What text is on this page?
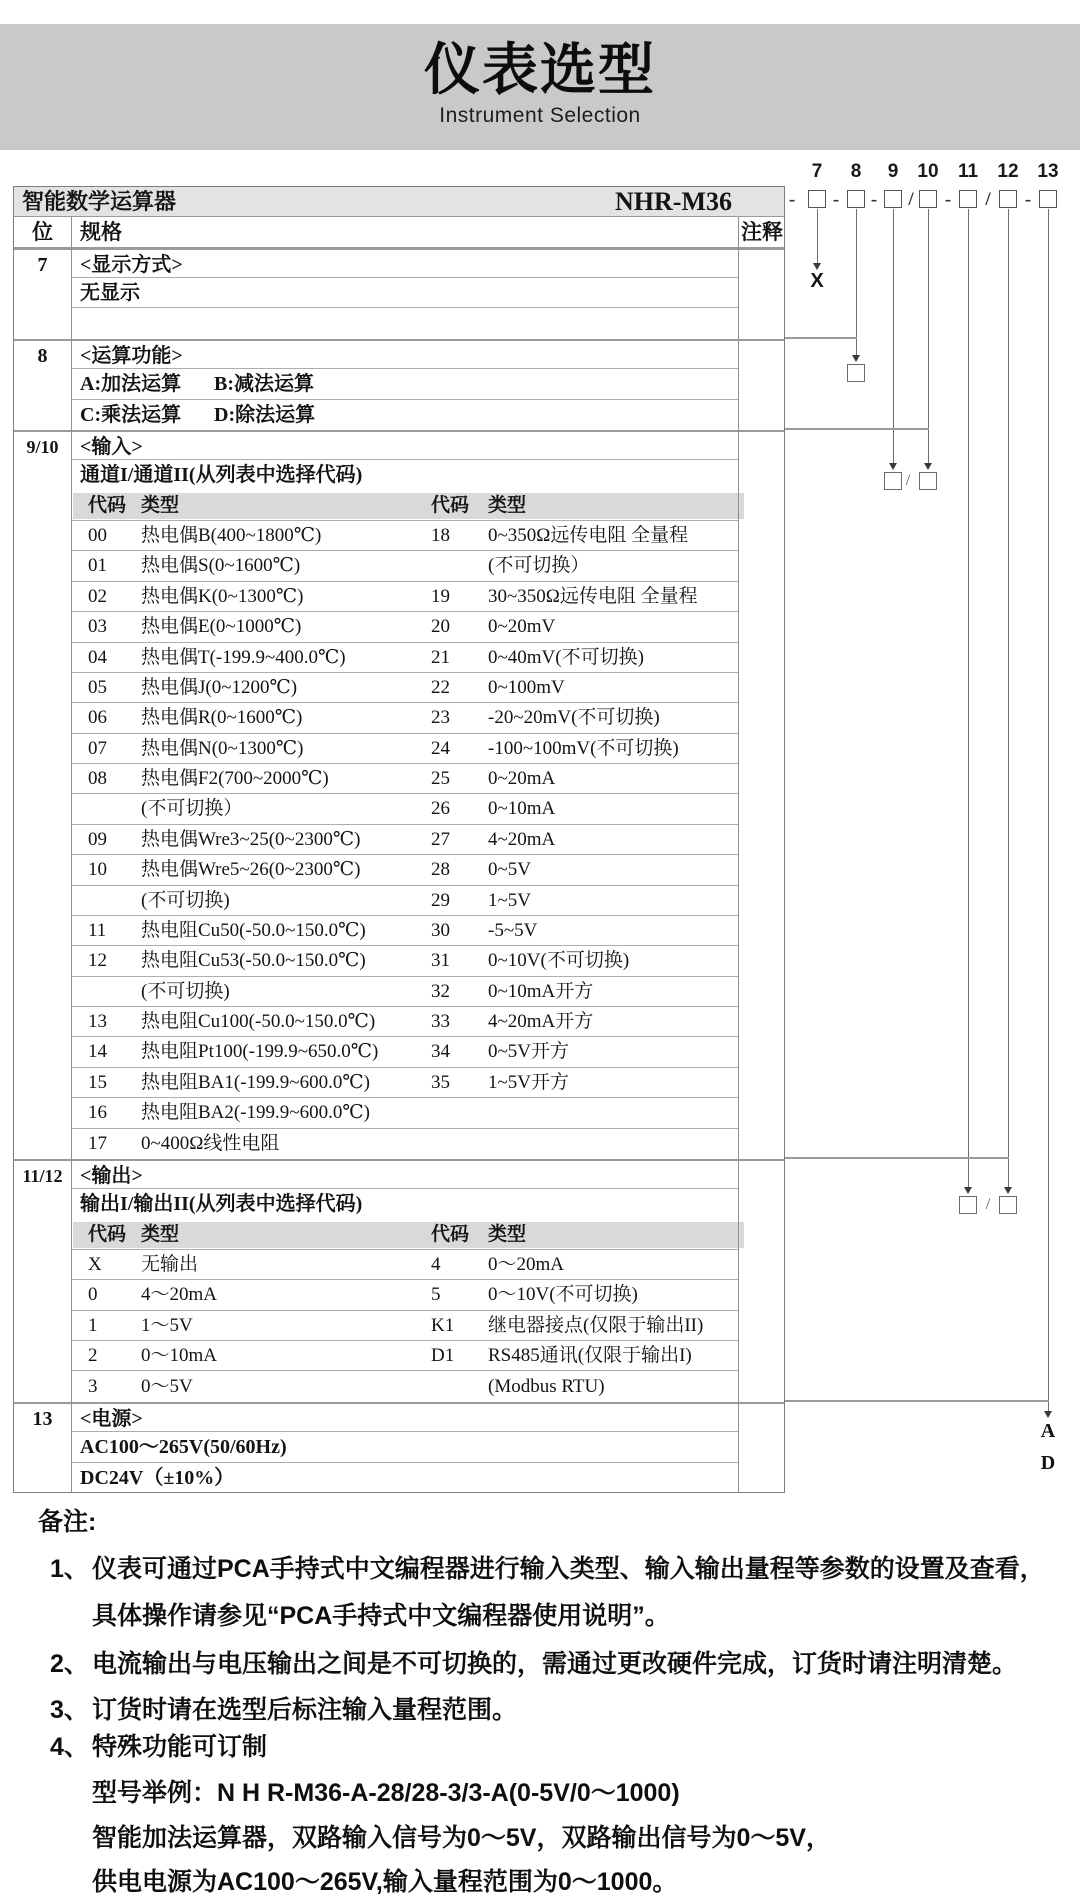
仪表选型
Instrument Selection
智能数学运算器	NHR-M36
位	规格	注释
7	<显示方式>
无显示
8	<运算功能>
A:加法运算 B:减法运算
C:乘法运算 D:除法运算
9/10	<输入>
通道I/通道II(从列表中选择代码)
代码 类型	代码 类型
00 热电偶B(400~1800℃)	18 0~350Ω远传电阻 全量程
01 热电偶S(0~1600℃)	(不可切换）
02 热电偶K(0~1300℃)	19 30~350Ω远传电阻 全量程
03 热电偶E(0~1000℃)	20 0~20mV
04 热电偶T(-199.9~400.0℃)	21 0~40mV(不可切换)
05 热电偶J(0~1200℃)	22 0~100mV
06 热电偶R(0~1600℃)	23 -20~20mV(不可切换)
07 热电偶N(0~1300℃)	24 -100~100mV(不可切换)
08 热电偶F2(700~2000℃)	25 0~20mA
(不可切换）	26 0~10mA
09 热电偶Wre3~25(0~2300℃)	27 4~20mA
10 热电偶Wre5~26(0~2300℃)	28 0~5V
(不可切换)	29 1~5V
11 热电阻Cu50(-50.0~150.0℃)	30 -5~5V
12 热电阻Cu53(-50.0~150.0℃)	31 0~10V(不可切换)
(不可切换)	32 0~10mA开方
13 热电阻Cu100(-50.0~150.0℃)	33 4~20mA开方
14 热电阻Pt100(-199.9~650.0℃)	34 0~5V开方
15 热电阻BA1(-199.9~600.0℃)	35 1~5V开方
16 热电阻BA2(-199.9~600.0℃)
17 0~400Ω线性电阻
11/12 <输出>
输出I/输出II(从列表中选择代码)
代码 类型	代码 类型
X 无输出	4	0～20mA
0 4～20mA	5	0～10V(不可切换)
1 1～5V	K1 继电器接点(仅限于输出II)
2 0～10mA	D1 RS485通讯(仅限于输出I)
3 0～5V	(Modbus RTU)
13	<电源>
AC100～265V(50/60Hz)
DC24V（±10%）
7	8	9	10	11	12 13
- - - / - / -
X
/
/
A
D
备注:
1、 仪表可通过PCA手持式中文编程器进行输入类型、输入输出量程等参数的设置及查看，
具体操作请参见“PCA手持式中文编程器使用说明”。
2、 电流输出与电压输出之间是不可切换的，需通过更改硬件完成，订货时请注明清楚。
3、 订货时请在选型后标注输入量程范围。
4、 特殊功能可订制
型号举例：N H R-M36-A-28/28-3/3-A(0-5V/0～1000)
智能加法运算器，双路输入信号为0～5V，双路输出信号为0～5V，
供电电源为AC100～265V,输入量程范围为0～1000。
